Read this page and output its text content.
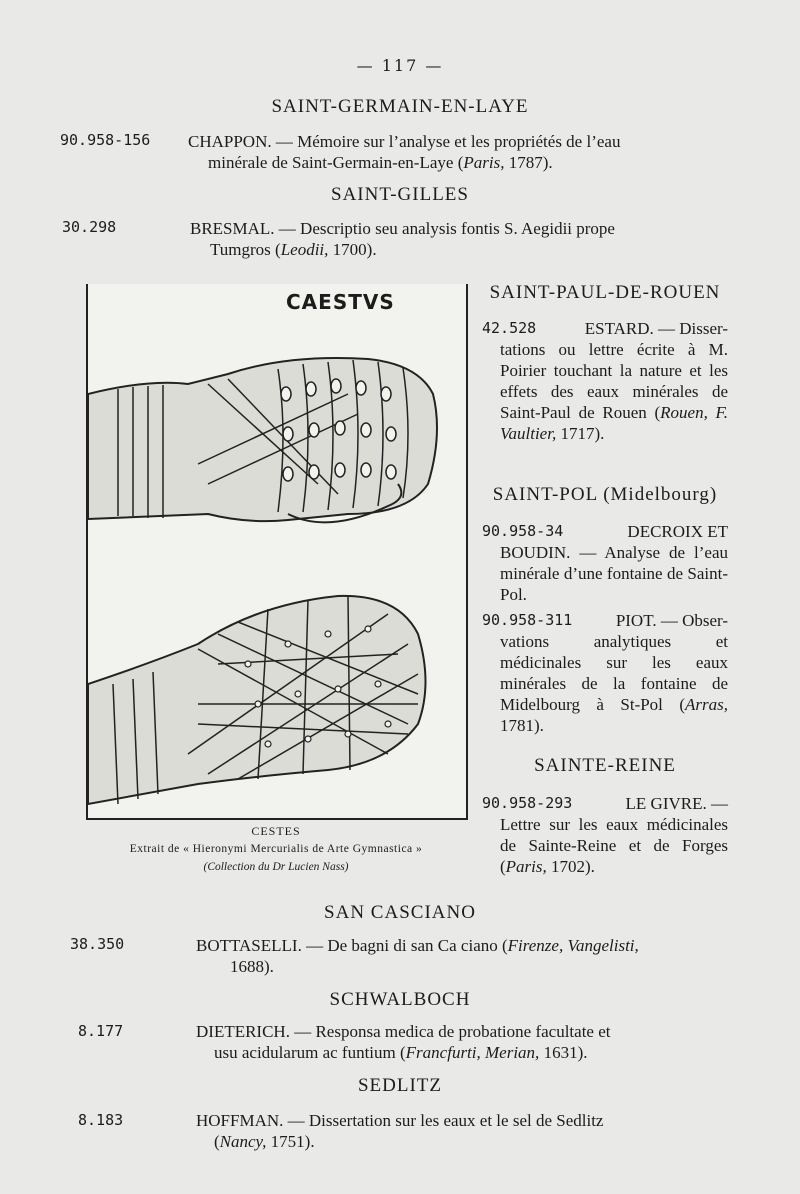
— 117 —
SAINT-GERMAIN-EN-LAYE
90.958-156 CHAPPON. — Mémoire sur l’analyse et les propriétés de l’eau
minérale de Saint-Germain-en-Laye (Paris, 1787).
SAINT-GILLES
30.298	BRESMAL. — Descriptio seu analysis fontis S. Aegidii prope
Tumgros (Leodii, 1700).
CAESTVS
CESTES
Extrait de « Hieronymi Mercurialis de Arte Gymnastica »
(Collection du Dr Lucien Nass)
SAINT-PAUL-DE-ROUEN
42.528	ESTARD. — Disser-
tations ou lettre écrite à M. Poirier touchant la nature et les effets des eaux minérales de Saint-Paul de Rouen (Rouen, F. Vaultier, 1717).
SAINT-POL (Midelbourg)
90.958-34	DECROIX ET
BOUDIN. — Analyse de l’eau minérale d’une fontaine de Saint-Pol.
90.958-311	PIOT. — Obser-
vations analytiques et médicinales sur les eaux minérales de la fontaine de Midelbourg à St-Pol (Arras, 1781).
SAINTE-REINE
90.958-293	LE GIVRE. —
Lettre sur les eaux médicinales de Sainte-Reine et de Forges (Paris, 1702).
SAN CASCIANO
38.350	BOTTASELLI. — De bagni di san Ca ciano (Firenze, Vangelisti,
1688).
SCHWALBOCH
8.177	DIETERICH. — Responsa medica de probatione facultate et
usu acidularum ac funtium (Francfurti, Merian, 1631).
SEDLITZ
8.183	HOFFMAN. — Dissertation sur les eaux et le sel de Sedlitz
(Nancy, 1751).
